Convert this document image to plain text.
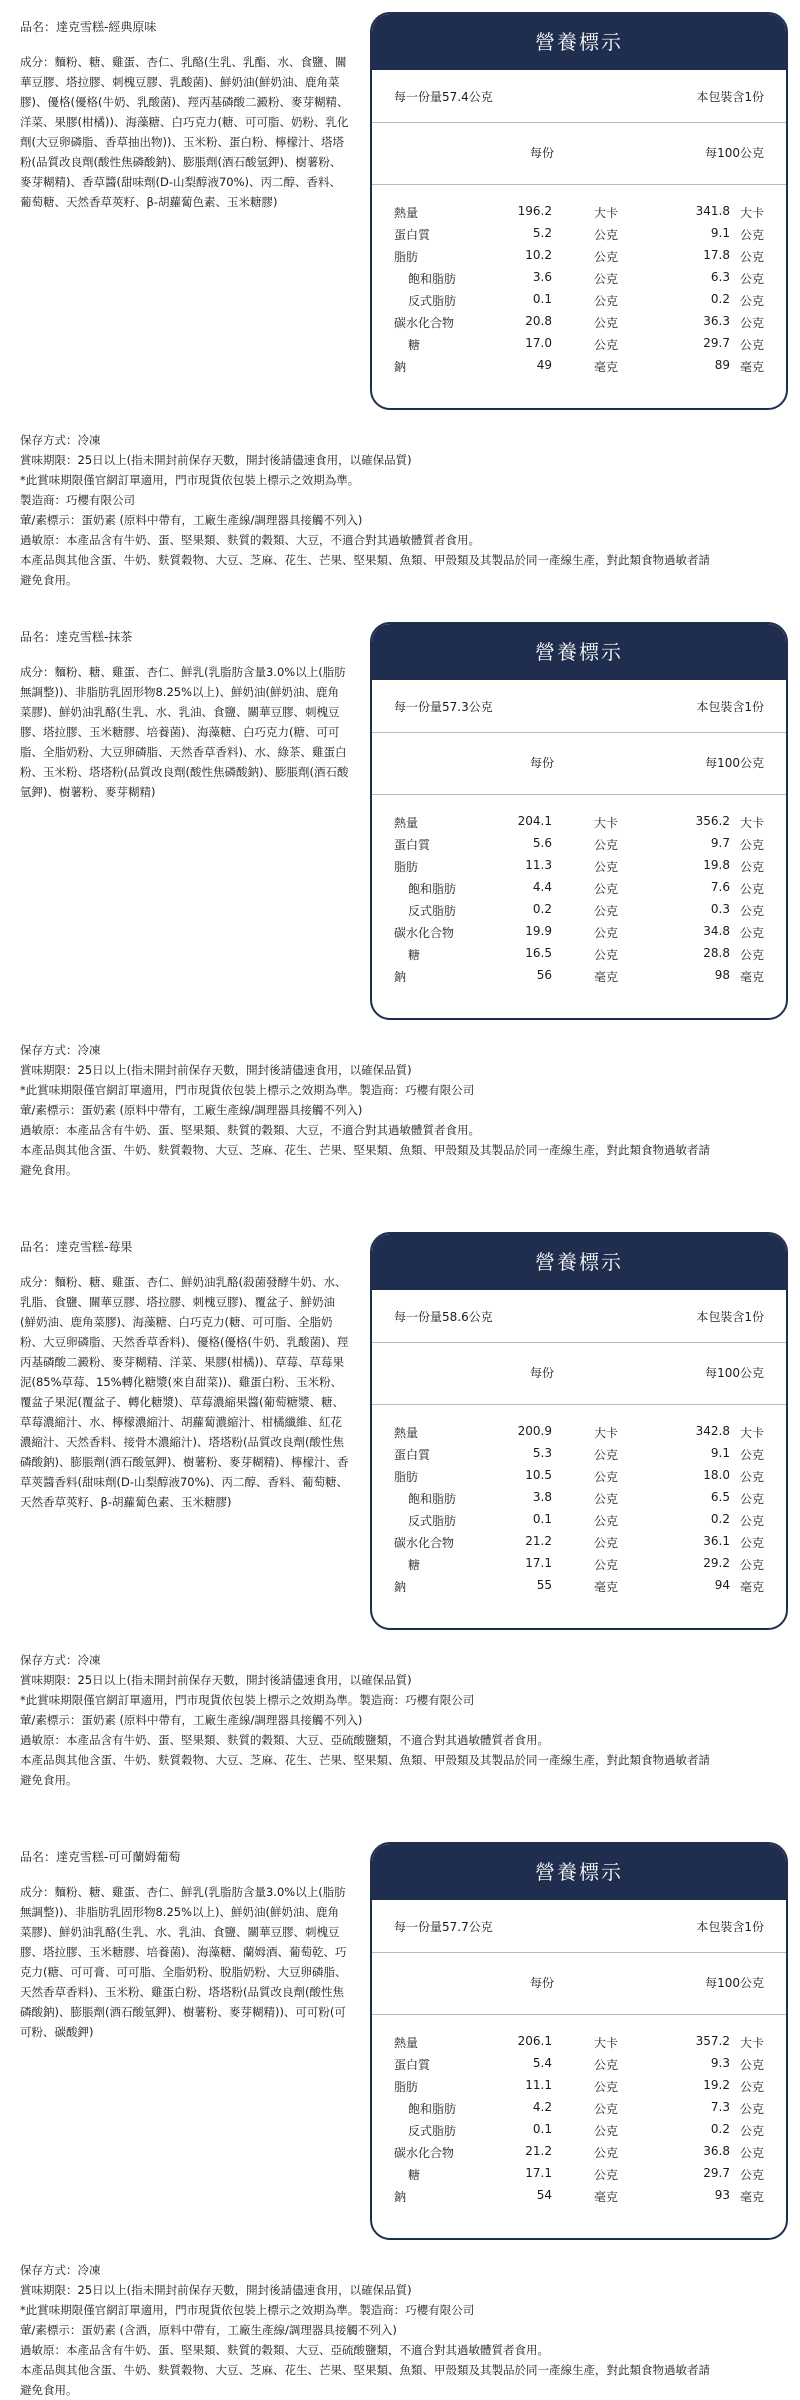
品名：達克雪糕-經典原味
成分：麵粉、糖、雞蛋、杏仁、乳酪(生乳、乳酯、水、食鹽、關華豆膠、塔拉膠、刺槐豆膠、乳酸菌)、鮮奶油(鮮奶油、鹿角菜膠)、優格(優格(牛奶、乳酸菌)、羥丙基磷酸二澱粉、麥芽糊精、洋菜、果膠(柑橘))、海藻糖、白巧克力(糖、可可脂、奶粉、乳化劑(大豆卵磷脂、香草抽出物))、玉米粉、蛋白粉、檸檬汁、塔塔粉(品質改良劑(酸性焦磷酸鈉)、膨脹劑(酒石酸氫鉀)、樹薯粉、麥芽糊精)、香草醬(甜味劑(D-山梨醇液70%)、丙二醇、香料、葡萄糖、天然香草莢籽、β-胡蘿蔔色素、玉米糖膠)
營養標示
每一份量57.4公克	本包裝含1份
每份	每100公克
熱量	196.2	大卡	341.8 大卡
蛋白質	5.2	公克	9.1 公克
脂肪	10.2	公克	17.8 公克
飽和脂肪	3.6	公克	6.3 公克
反式脂肪	0.1	公克	0.2 公克
碳水化合物	20.8	公克	36.3 公克
糖	17.0	公克	29.7 公克
鈉	49	毫克	89 毫克
保存方式：冷凍
賞味期限：25日以上(指未開封前保存天數，開封後請儘速食用，以確保品質)
*此賞味期限僅官網訂單適用，門市現貨依包裝上標示之效期為準。
製造商：巧櫻有限公司
葷/素標示：蛋奶素 (原料中帶有，工廠生產線/調理器具接觸不列入)
過敏原：本產品含有牛奶、蛋、堅果類、麩質的穀類、大豆，不適合對其過敏體質者食用。
本產品與其他含蛋、牛奶、麩質穀物、大豆、芝麻、花生、芒果、堅果類、魚類、甲殼類及其製品於同一產線生產，對此類食物過敏者請避免食用。
品名：達克雪糕-抹茶
成分：麵粉、糖、雞蛋、杏仁、鮮乳(乳脂肪含量3.0%以上(脂肪無調整))、非脂肪乳固形物8.25%以上)、鮮奶油(鮮奶油、鹿角菜膠)、鮮奶油乳酪(生乳、水、乳油、食鹽、關華豆膠、刺槐豆膠、塔拉膠、玉米糖膠、培養菌)、海藻糖、白巧克力(糖、可可脂、全脂奶粉、大豆卵磷脂、天然香草香料)、水、綠茶、雞蛋白粉、玉米粉、塔塔粉(品質改良劑(酸性焦磷酸鈉)、膨脹劑(酒石酸氫鉀)、樹薯粉、麥芽糊精)
營養標示
每一份量57.3公克	本包裝含1份
每份	每100公克
熱量	204.1	大卡	356.2 大卡
蛋白質	5.6	公克	9.7 公克
脂肪	11.3	公克	19.8 公克
飽和脂肪	4.4	公克	7.6 公克
反式脂肪	0.2	公克	0.3 公克
碳水化合物	19.9	公克	34.8 公克
糖	16.5	公克	28.8 公克
鈉	56	毫克	98 毫克
保存方式：冷凍
賞味期限：25日以上(指未開封前保存天數，開封後請儘速食用，以確保品質)
*此賞味期限僅官網訂單適用，門市現貨依包裝上標示之效期為準。製造商：巧櫻有限公司
葷/素標示：蛋奶素 (原料中帶有，工廠生產線/調理器具接觸不列入)
過敏原：本產品含有牛奶、蛋、堅果類、麩質的穀類、大豆，不適合對其過敏體質者食用。
本產品與其他含蛋、牛奶、麩質穀物、大豆、芝麻、花生、芒果、堅果類、魚類、甲殼類及其製品於同一產線生產，對此類食物過敏者請避免食用。
品名：達克雪糕-莓果
成分：麵粉、糖、雞蛋、杏仁、鮮奶油乳酪(殺菌發酵牛奶、水、乳脂、食鹽、關華豆膠、塔拉膠、刺槐豆膠)、覆盆子、鮮奶油(鮮奶油、鹿角菜膠)、海藻糖、白巧克力(糖、可可脂、全脂奶粉、大豆卵磷脂、天然香草香料)、優格(優格(牛奶、乳酸菌)、羥丙基磷酸二澱粉、麥芽糊精、洋菜、果膠(柑橘))、草莓、草莓果泥(85%草莓、15%轉化糖漿(來自甜菜))、雞蛋白粉、玉米粉、覆盆子果泥(覆盆子、轉化糖漿)、草莓濃縮果醬(葡萄糖漿、糖、草莓濃縮汁、水、檸檬濃縮汁、胡蘿蔔濃縮汁、柑橘纖維、紅花濃縮汁、天然香料、接骨木濃縮汁)、塔塔粉(品質改良劑(酸性焦磷酸鈉)、膨脹劑(酒石酸氫鉀)、樹薯粉、麥芽糊精)、檸檬汁、香草莢醬香料(甜味劑(D-山梨醇液70%)、丙二醇、香料、葡萄糖、天然香草莢籽、β-胡蘿蔔色素、玉米糖膠)
營養標示
每一份量58.6公克	本包裝含1份
每份	每100公克
熱量	200.9	大卡	342.8 大卡
蛋白質	5.3	公克	9.1 公克
脂肪	10.5	公克	18.0 公克
飽和脂肪	3.8	公克	6.5 公克
反式脂肪	0.1	公克	0.2 公克
碳水化合物	21.2	公克	36.1 公克
糖	17.1	公克	29.2 公克
鈉	55	毫克	94 毫克
保存方式：冷凍
賞味期限：25日以上(指未開封前保存天數，開封後請儘速食用，以確保品質)
*此賞味期限僅官網訂單適用，門市現貨依包裝上標示之效期為準。製造商：巧櫻有限公司
葷/素標示：蛋奶素 (原料中帶有，工廠生產線/調理器具接觸不列入)
過敏原：本產品含有牛奶、蛋、堅果類、麩質的穀類、大豆、亞硫酸鹽類，不適合對其過敏體質者食用。
本產品與其他含蛋、牛奶、麩質穀物、大豆、芝麻、花生、芒果、堅果類、魚類、甲殼類及其製品於同一產線生產，對此類食物過敏者請避免食用。
品名：達克雪糕-可可蘭姆葡萄
成分：麵粉、糖、雞蛋、杏仁、鮮乳(乳脂肪含量3.0%以上(脂肪無調整))、非脂肪乳固形物8.25%以上)、鮮奶油(鮮奶油、鹿角菜膠)、鮮奶油乳酪(生乳、水、乳油、食鹽、關華豆膠、刺槐豆膠、塔拉膠、玉米糖膠、培養菌)、海藻糖、蘭姆酒、葡萄乾、巧克力(糖、可可膏、可可脂、全脂奶粉、脫脂奶粉、大豆卵磷脂、天然香草香料)、玉米粉、雞蛋白粉、塔塔粉(品質改良劑(酸性焦磷酸鈉)、膨脹劑(酒石酸氫鉀)、樹薯粉、麥芽糊精))、可可粉(可可粉、碳酸鉀)
營養標示
每一份量57.7公克	本包裝含1份
每份	每100公克
熱量	206.1	大卡	357.2 大卡
蛋白質	5.4	公克	9.3 公克
脂肪	11.1	公克	19.2 公克
飽和脂肪	4.2	公克	7.3 公克
反式脂肪	0.1	公克	0.2 公克
碳水化合物	21.2	公克	36.8 公克
糖	17.1	公克	29.7 公克
鈉	54	毫克	93 毫克
保存方式：冷凍
賞味期限：25日以上(指未開封前保存天數，開封後請儘速食用，以確保品質)
*此賞味期限僅官網訂單適用，門市現貨依包裝上標示之效期為準。製造商：巧櫻有限公司
葷/素標示：蛋奶素 (含酒，原料中帶有，工廠生產線/調理器具接觸不列入)
過敏原：本產品含有牛奶、蛋、堅果類、麩質的穀類、大豆、亞硫酸鹽類，不適合對其過敏體質者食用。
本產品與其他含蛋、牛奶、麩質穀物、大豆、芝麻、花生、芒果、堅果類、魚類、甲殼類及其製品於同一產線生產，對此類食物過敏者請避免食用。
